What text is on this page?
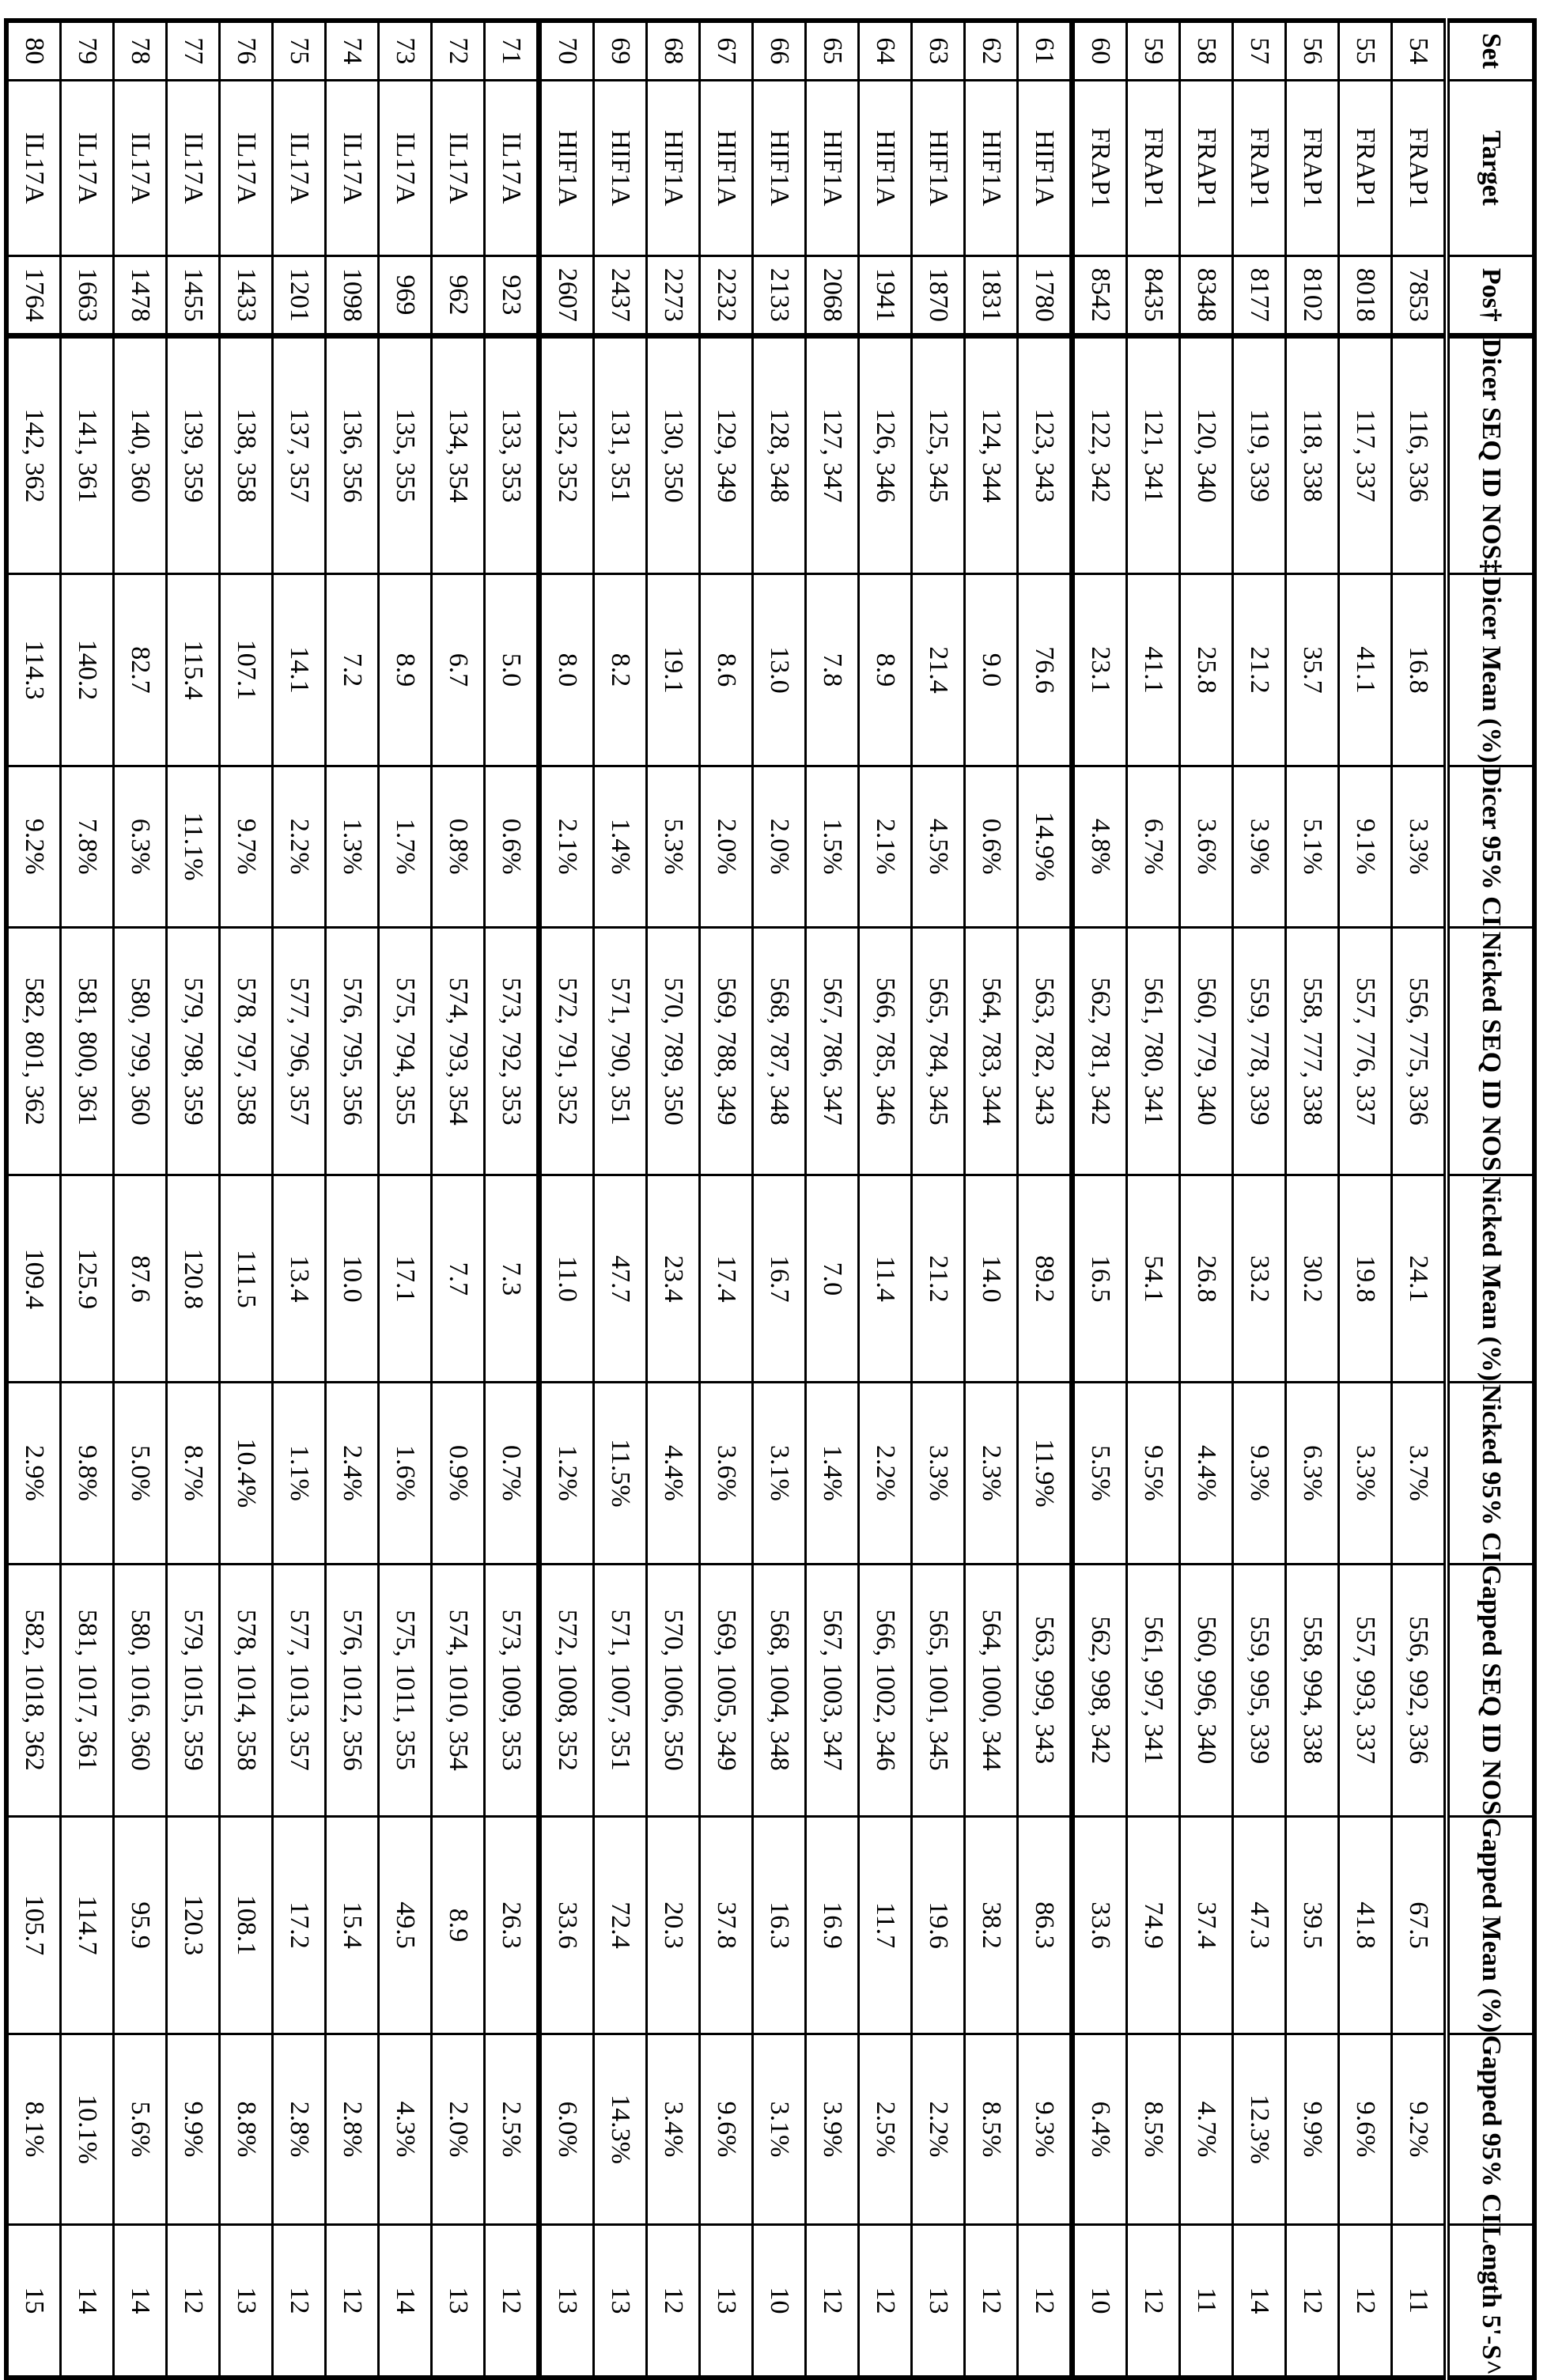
Set	Target	Pos†	Dicer SEQ ID NOS‡	Dicer Mean (%)	Dicer 95% CI	Nicked SEQ ID NOS	Nicked Mean (%)	Nicked 95% CI	Gapped SEQ ID NOS	Gapped Mean (%)	Gapped 95% CI	Length 5'-S^
54	FRAP1	7853	116, 336	16.8	3.3%	556, 775, 336	24.1	3.7%	556, 992, 336	67.5	9.2%	11
55	FRAP1	8018	117, 337	41.1	9.1%	557, 776, 337	19.8	3.3%	557, 993, 337	41.8	9.6%	12
56	FRAP1	8102	118, 338	35.7	5.1%	558, 777, 338	30.2	6.3%	558, 994, 338	39.5	9.9%	12
57	FRAP1	8177	119, 339	21.2	3.9%	559, 778, 339	33.2	9.3%	559, 995, 339	47.3	12.3%	14
58	FRAP1	8348	120, 340	25.8	3.6%	560, 779, 340	26.8	4.4%	560, 996, 340	37.4	4.7%	11
59	FRAP1	8435	121, 341	41.1	6.7%	561, 780, 341	54.1	9.5%	561, 997, 341	74.9	8.5%	12
60	FRAP1	8542	122, 342	23.1	4.8%	562, 781, 342	16.5	5.5%	562, 998, 342	33.6	6.4%	10
61	HIF1A	1780	123, 343	76.6	14.9%	563, 782, 343	89.2	11.9%	563, 999, 343	86.3	9.3%	12
62	HIF1A	1831	124, 344	9.0	0.6%	564, 783, 344	14.0	2.3%	564, 1000, 344	38.2	8.5%	12
63	HIF1A	1870	125, 345	21.4	4.5%	565, 784, 345	21.2	3.3%	565, 1001, 345	19.6	2.2%	13
64	HIF1A	1941	126, 346	8.9	2.1%	566, 785, 346	11.4	2.2%	566, 1002, 346	11.7	2.5%	12
65	HIF1A	2068	127, 347	7.8	1.5%	567, 786, 347	7.0	1.4%	567, 1003, 347	16.9	3.9%	12
66	HIF1A	2133	128, 348	13.0	2.0%	568, 787, 348	16.7	3.1%	568, 1004, 348	16.3	3.1%	10
67	HIF1A	2232	129, 349	8.6	2.0%	569, 788, 349	17.4	3.6%	569, 1005, 349	37.8	9.6%	13
68	HIF1A	2273	130, 350	19.1	5.3%	570, 789, 350	23.4	4.4%	570, 1006, 350	20.3	3.4%	12
69	HIF1A	2437	131, 351	8.2	1.4%	571, 790, 351	47.7	11.5%	571, 1007, 351	72.4	14.3%	13
70	HIF1A	2607	132, 352	8.0	2.1%	572, 791, 352	11.0	1.2%	572, 1008, 352	33.6	6.0%	13
71	IL17A	923	133, 353	5.0	0.6%	573, 792, 353	7.3	0.7%	573, 1009, 353	26.3	2.5%	12
72	IL17A	962	134, 354	6.7	0.8%	574, 793, 354	7.7	0.9%	574, 1010, 354	8.9	2.0%	13
73	IL17A	969	135, 355	8.9	1.7%	575, 794, 355	17.1	1.6%	575, 1011, 355	49.5	4.3%	14
74	IL17A	1098	136, 356	7.2	1.3%	576, 795, 356	10.0	2.4%	576, 1012, 356	15.4	2.8%	12
75	IL17A	1201	137, 357	14.1	2.2%	577, 796, 357	13.4	1.1%	577, 1013, 357	17.2	2.8%	12
76	IL17A	1433	138, 358	107.1	9.7%	578, 797, 358	111.5	10.4%	578, 1014, 358	108.1	8.8%	13
77	IL17A	1455	139, 359	115.4	11.1%	579, 798, 359	120.8	8.7%	579, 1015, 359	120.3	9.9%	12
78	IL17A	1478	140, 360	82.7	6.3%	580, 799, 360	87.6	5.0%	580, 1016, 360	95.9	5.6%	14
79	IL17A	1663	141, 361	140.2	7.8%	581, 800, 361	125.9	9.8%	581, 1017, 361	114.7	10.1%	14
80	IL17A	1764	142, 362	114.3	9.2%	582, 801, 362	109.4	2.9%	582, 1018, 362	105.7	8.1%	15
